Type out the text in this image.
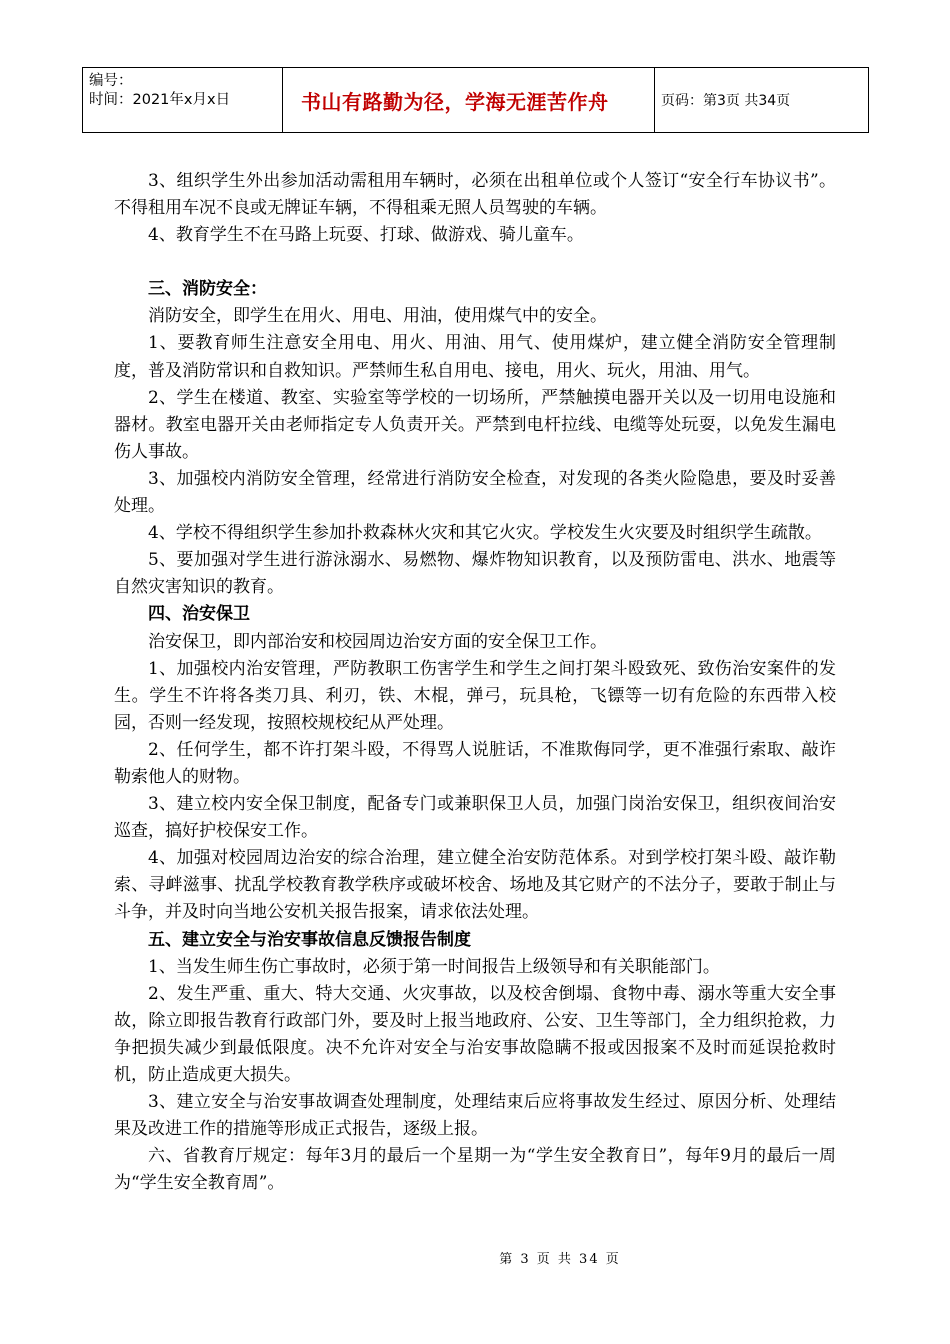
编号：
时间：2021年x月x日	书山有路勤为径，学海无涯苦作舟	页码：第3页 共34页

3、组织学生外出参加活动需租用车辆时，必须在出租单位或个人签订“安全行车协议书”。不得租用车况不良或无牌证车辆，不得租乘无照人员驾驶的车辆。

4、教育学生不在马路上玩耍、打球、做游戏、骑儿童车。

三、消防安全：

消防安全，即学生在用火、用电、用油，使用煤气中的安全。

1、要教育师生注意安全用电、用火、用油、用气、使用煤炉，建立健全消防安全管理制度，普及消防常识和自救知识。严禁师生私自用电、接电，用火、玩火，用油、用气。

2、学生在楼道、教室、实验室等学校的一切场所，严禁触摸电器开关以及一切用电设施和器材。教室电器开关由老师指定专人负责开关。严禁到电杆拉线、电缆等处玩耍，以免发生漏电伤人事故。

3、加强校内消防安全管理，经常进行消防安全检查，对发现的各类火险隐患，要及时妥善处理。

4、学校不得组织学生参加扑救森林火灾和其它火灾。学校发生火灾要及时组织学生疏散。

5、要加强对学生进行游泳溺水、易燃物、爆炸物知识教育，以及预防雷电、洪水、地震等自然灾害知识的教育。

四、治安保卫

治安保卫，即内部治安和校园周边治安方面的安全保卫工作。

1、加强校内治安管理，严防教职工伤害学生和学生之间打架斗殴致死、致伤治安案件的发生。学生不许将各类刀具、利刃，铁、木棍，弹弓，玩具枪，飞镖等一切有危险的东西带入校园，否则一经发现，按照校规校纪从严处理。

2、任何学生，都不许打架斗殴，不得骂人说脏话，不准欺侮同学，更不准强行索取、敲诈勒索他人的财物。

3、建立校内安全保卫制度，配备专门或兼职保卫人员，加强门岗治安保卫，组织夜间治安巡查，搞好护校保安工作。

4、加强对校园周边治安的综合治理，建立健全治安防范体系。对到学校打架斗殴、敲诈勒索、寻衅滋事、扰乱学校教育教学秩序或破坏校舍、场地及其它财产的不法分子，要敢于制止与斗争，并及时向当地公安机关报告报案，请求依法处理。

五、建立安全与治安事故信息反馈报告制度

1、当发生师生伤亡事故时，必须于第一时间报告上级领导和有关职能部门。

2、发生严重、重大、特大交通、火灾事故，以及校舍倒塌、食物中毒、溺水等重大安全事故，除立即报告教育行政部门外，要及时上报当地政府、公安、卫生等部门，全力组织抢救，力争把损失减少到最低限度。决不允许对安全与治安事故隐瞒不报或因报案不及时而延误抢救时机，防止造成更大损失。

3、建立安全与治安事故调查处理制度，处理结束后应将事故发生经过、原因分析、处理结果及改进工作的措施等形成正式报告，逐级上报。

六、省教育厅规定：每年3月的最后一个星期一为“学生安全教育日”，每年9月的最后一周为“学生安全教育周”。

第 3 页 共 34 页
